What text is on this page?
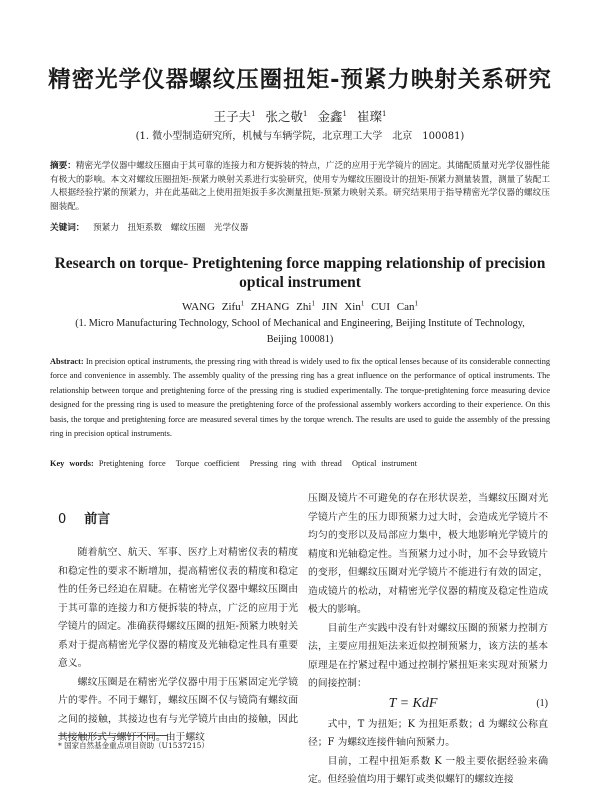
精密光学仪器螺纹压圈扭矩-预紧力映射关系研究
王子夫$^1$ 张之敬$^1$ 金鑫$^1$ 崔璨$^1$
(1. 微小型制造研究所，机械与车辆学院，北京理工大学　北京　100081)
摘要：精密光学仪器中螺纹压圈由于其可靠的连接力和方便拆装的特点，广泛的应用于光学镜片的固定。其储配质量对光学仪器性能有极大的影响。本文对螺纹压圈扭矩-预紧力映射关系进行实验研究，使用专为螺纹压圈设计的扭矩-预紧力测量装置，测量了装配工人根据经验拧紧的预紧力，并在此基础之上使用扭矩扳手多次测量扭矩-预紧力映射关系。研究结果用于指导精密光学仪器的螺纹压圈装配。
关键词： 预紧力 扭矩系数 螺纹压圈 光学仪器
Research on torque- Pretightening force mapping relationship of precision optical instrument
WANG Zifu$^1$ ZHANG Zhi$^1$ JIN Xin$^1$ CUI Can$^1$
(1. Micro Manufacturing Technology, School of Mechanical and Engineering, Beijing Institute of Technology, Beijing 100081)
Abstract: In precision optical instruments, the pressing ring with thread is widely used to fix the optical lenses because of its considerable connecting force and convenience in assembly. The assembly quality of the pressing ring has a great influence on the performance of optical instruments. The relationship between torque and pretightening force of the pressing ring is studied experimentally. The torque-pretightening force measuring device designed for the pressing ring is used to measure the pretightening force of the professional assembly workers according to their experience. On this basis, the torque and pretightening force are measured several times by the torque wrench. The results are used to guide the assembly of the pressing ring in precision optical instruments.
Key words: Pretightening force Torque coefficient Pressing ring with thread Optical instrument
0 前言

随着航空、航天、军事、医疗上对精密仪表的精度和稳定性的要求不断增加，提高精密仪表的精度和稳定性的任务已经迫在眉睫。在精密光学仪器中螺纹压圈由于其可靠的连接力和方便拆装的特点，广泛的应用于光学镜片的固定。准确获得螺纹压圈的扭矩-预紧力映射关系对于提高精密光学仪器的精度及光轴稳定性具有重要意义。

螺纹压圈是在精密光学仪器中用于压紧固定光学镜片的零件。不同于螺钉，螺纹压圈不仅与镜筒有螺纹面之间的接触，其接边也有与光学镜片由由的接触，因此其接触形式与螺钉不同。由于螺纹

压圈及镜片不可避免的存在形状误差，当螺纹压圈对光学镜片产生的压力即预紧力过大时，会造成光学镜片不均匀的变形以及局部应力集中，极大地影响光学镜片的精度和光轴稳定性。当预紧力过小时，加不会导致镜片的变形，但螺纹压圈对光学镜片不能进行有效的固定，造成镜片的松动，对精密光学仪器的精度及稳定性造成极大的影响。

目前生产实践中没有针对螺纹压圈的预紧力控制方法，主要应用扭矩法来近似控制预紧力，该方法的基本原理是在拧紧过程中通过控制拧紧扭矩来实现对预紧力的间接控制：

T = KdF	(1)

式中，T 为扭矩；K 为扭矩系数；d 为螺纹公称直径；F 为螺纹连接件轴向预紧力。

目前，工程中扭矩系数 K 一般主要依据经验来确定。但经验值均用于螺钉或类似螺钉的螺纹连接

* 国家自然基金重点项目资助（U1537215）
